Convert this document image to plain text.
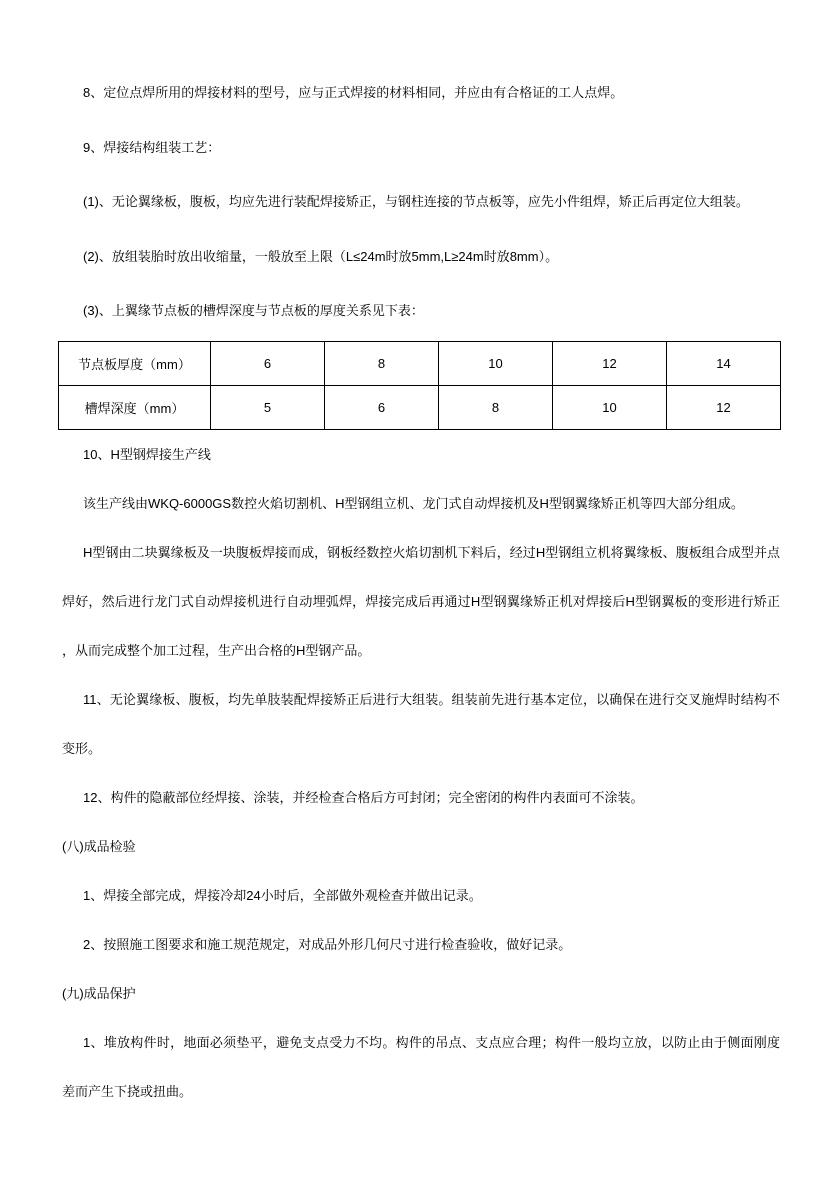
8、定位点焊所用的焊接材料的型号，应与正式焊接的材料相同，并应由有合格证的工人点焊。
9、焊接结构组装工艺：
(1)、无论翼缘板，腹板，均应先进行装配焊接矫正，与钢柱连接的节点板等，应先小件组焊，矫正后再定位大组装。
(2)、放组装胎时放出收缩量，一般放至上限（L≤24m时放5mm,L≥24m时放8mm）。
(3)、上翼缘节点板的槽焊深度与节点板的厚度关系见下表：
节点板厚度（mm）	6	8	10	12	14
槽焊深度（mm）	5	6	8	10	12
10、H型钢焊接生产线
该生产线由WKQ-6000GS数控火焰切割机、H型钢组立机、龙门式自动焊接机及H型钢翼缘矫正机等四大部分组成。
H型钢由二块翼缘板及一块腹板焊接而成，钢板经数控火焰切割机下料后，经过H型钢组立机将翼缘板、腹板组合成型并点
焊好，然后进行龙门式自动焊接机进行自动埋弧焊，焊接完成后再通过H型钢翼缘矫正机对焊接后H型钢翼板的变形进行矫正
，从而完成整个加工过程，生产出合格的H型钢产品。
11、无论翼缘板、腹板，均先单肢装配焊接矫正后进行大组装。组装前先进行基本定位，以确保在进行交叉施焊时结构不
变形。
12、构件的隐蔽部位经焊接、涂装，并经检查合格后方可封闭；完全密闭的构件内表面可不涂装。
(八)成品检验
1、焊接全部完成，焊接冷却24小时后，全部做外观检查并做出记录。
2、按照施工图要求和施工规范规定，对成品外形几何尺寸进行检查验收，做好记录。
(九)成品保护
1、堆放构件时，地面必须垫平，避免支点受力不均。构件的吊点、支点应合理；构件一般均立放，以防止由于侧面刚度
差而产生下挠或扭曲。
